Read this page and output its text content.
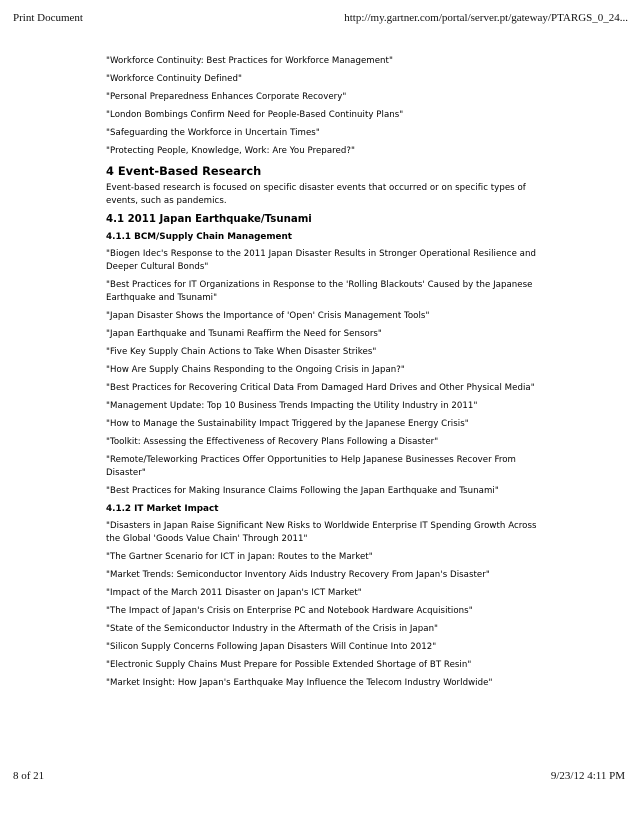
Print Document	http://my.gartner.com/portal/server.pt/gateway/PTARGS_0_24...

"Workforce Continuity: Best Practices for Workforce Management"

"Workforce Continuity Defined"

"Personal Preparedness Enhances Corporate Recovery"

"London Bombings Confirm Need for People-Based Continuity Plans"

"Safeguarding the Workforce in Uncertain Times"

"Protecting People, Knowledge, Work: Are You Prepared?"

4 Event-Based Research

Event-based research is focused on specific disaster events that occurred or on specific types of events, such as pandemics.

4.1 2011 Japan Earthquake/Tsunami
4.1.1 BCM/Supply Chain Management

"Biogen Idec's Response to the 2011 Japan Disaster Results in Stronger Operational Resilience and Deeper Cultural Bonds"

"Best Practices for IT Organizations in Response to the 'Rolling Blackouts' Caused by the Japanese Earthquake and Tsunami"

"Japan Disaster Shows the Importance of 'Open' Crisis Management Tools"

"Japan Earthquake and Tsunami Reaffirm the Need for Sensors"

"Five Key Supply Chain Actions to Take When Disaster Strikes"

"How Are Supply Chains Responding to the Ongoing Crisis in Japan?"

"Best Practices for Recovering Critical Data From Damaged Hard Drives and Other Physical Media"

"Management Update: Top 10 Business Trends Impacting the Utility Industry in 2011"

"How to Manage the Sustainability Impact Triggered by the Japanese Energy Crisis"

"Toolkit: Assessing the Effectiveness of Recovery Plans Following a Disaster"

"Remote/Teleworking Practices Offer Opportunities to Help Japanese Businesses Recover From Disaster"

"Best Practices for Making Insurance Claims Following the Japan Earthquake and Tsunami"

4.1.2 IT Market Impact

"Disasters in Japan Raise Significant New Risks to Worldwide Enterprise IT Spending Growth Across the Global 'Goods Value Chain' Through 2011"

"The Gartner Scenario for ICT in Japan: Routes to the Market"

"Market Trends: Semiconductor Inventory Aids Industry Recovery From Japan's Disaster"

"Impact of the March 2011 Disaster on Japan's ICT Market"

"The Impact of Japan's Crisis on Enterprise PC and Notebook Hardware Acquisitions"

"State of the Semiconductor Industry in the Aftermath of the Crisis in Japan"

"Silicon Supply Concerns Following Japan Disasters Will Continue Into 2012"

"Electronic Supply Chains Must Prepare for Possible Extended Shortage of BT Resin"

"Market Insight: How Japan's Earthquake May Influence the Telecom Industry Worldwide"

8 of 21	9/23/12 4:11 PM
